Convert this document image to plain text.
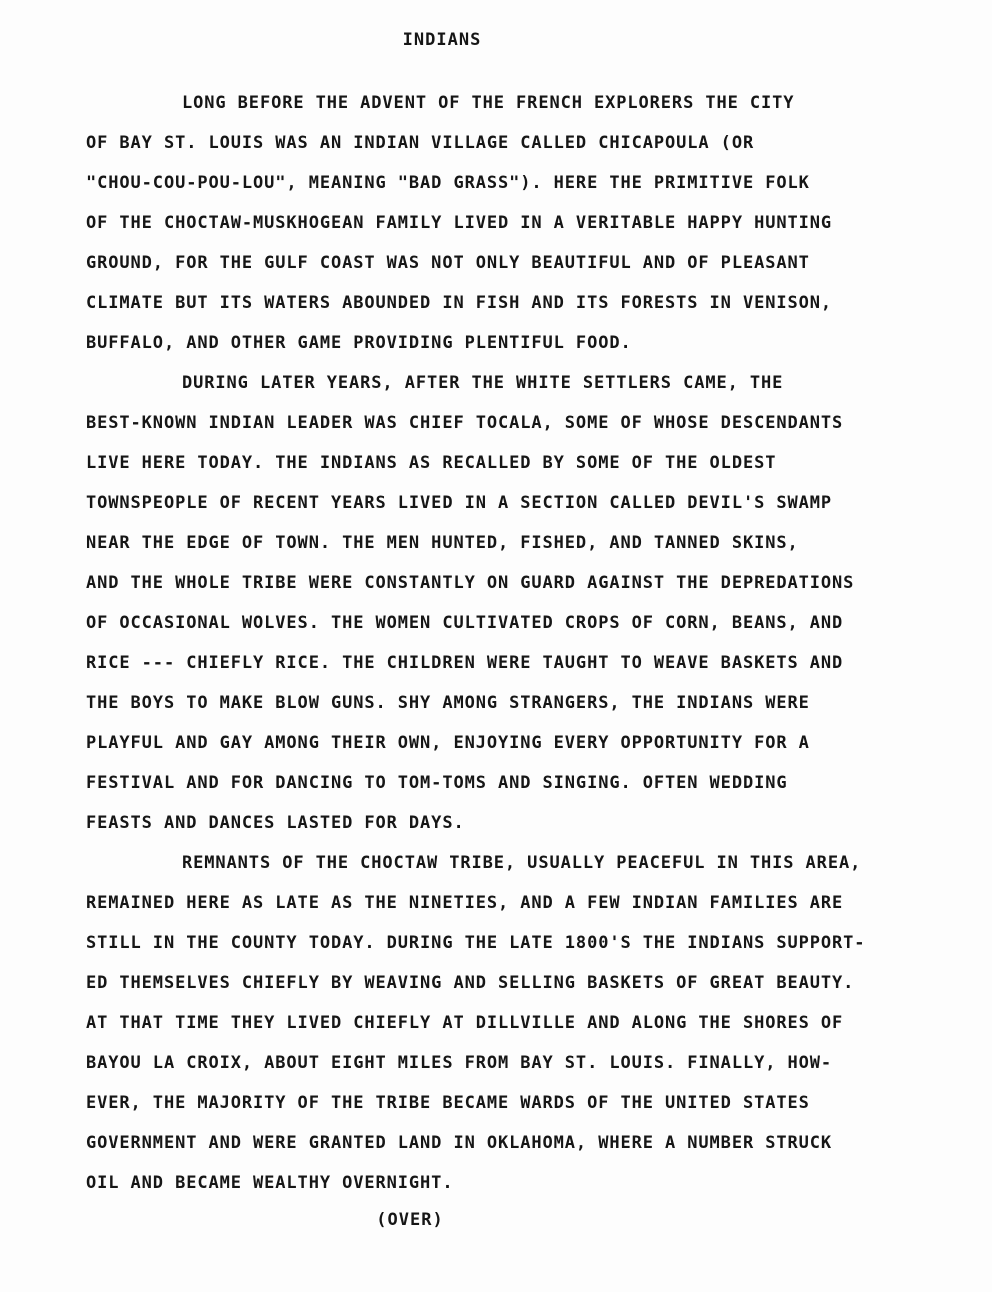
INDIANS
LONG BEFORE THE ADVENT OF THE FRENCH EXPLORERS THE CITY
OF BAY ST. LOUIS WAS AN INDIAN VILLAGE CALLED CHICAPOULA (OR
"CHOU-COU-POU-LOU", MEANING "BAD GRASS"). HERE THE PRIMITIVE FOLK
OF THE CHOCTAW-MUSKHOGEAN FAMILY LIVED IN A VERITABLE HAPPY HUNTING
GROUND, FOR THE GULF COAST WAS NOT ONLY BEAUTIFUL AND OF PLEASANT
CLIMATE BUT ITS WATERS ABOUNDED IN FISH AND ITS FORESTS IN VENISON,
BUFFALO, AND OTHER GAME PROVIDING PLENTIFUL FOOD.
DURING LATER YEARS, AFTER THE WHITE SETTLERS CAME, THE
BEST-KNOWN INDIAN LEADER WAS CHIEF TOCALA, SOME OF WHOSE DESCENDANTS
LIVE HERE TODAY. THE INDIANS AS RECALLED BY SOME OF THE OLDEST
TOWNSPEOPLE OF RECENT YEARS LIVED IN A SECTION CALLED DEVIL'S SWAMP
NEAR THE EDGE OF TOWN. THE MEN HUNTED, FISHED, AND TANNED SKINS,
AND THE WHOLE TRIBE WERE CONSTANTLY ON GUARD AGAINST THE DEPREDATIONS
OF OCCASIONAL WOLVES. THE WOMEN CULTIVATED CROPS OF CORN, BEANS, AND
RICE --- CHIEFLY RICE. THE CHILDREN WERE TAUGHT TO WEAVE BASKETS AND
THE BOYS TO MAKE BLOW GUNS. SHY AMONG STRANGERS, THE INDIANS WERE
PLAYFUL AND GAY AMONG THEIR OWN, ENJOYING EVERY OPPORTUNITY FOR A
FESTIVAL AND FOR DANCING TO TOM-TOMS AND SINGING. OFTEN WEDDING
FEASTS AND DANCES LASTED FOR DAYS.
REMNANTS OF THE CHOCTAW TRIBE, USUALLY PEACEFUL IN THIS AREA,
REMAINED HERE AS LATE AS THE NINETIES, AND A FEW INDIAN FAMILIES ARE
STILL IN THE COUNTY TODAY. DURING THE LATE 1800'S THE INDIANS SUPPORT-
ED THEMSELVES CHIEFLY BY WEAVING AND SELLING BASKETS OF GREAT BEAUTY.
AT THAT TIME THEY LIVED CHIEFLY AT DILLVILLE AND ALONG THE SHORES OF
BAYOU LA CROIX, ABOUT EIGHT MILES FROM BAY ST. LOUIS. FINALLY, HOW-
EVER, THE MAJORITY OF THE TRIBE BECAME WARDS OF THE UNITED STATES
GOVERNMENT AND WERE GRANTED LAND IN OKLAHOMA, WHERE A NUMBER STRUCK
OIL AND BECAME WEALTHY OVERNIGHT.
(OVER)
